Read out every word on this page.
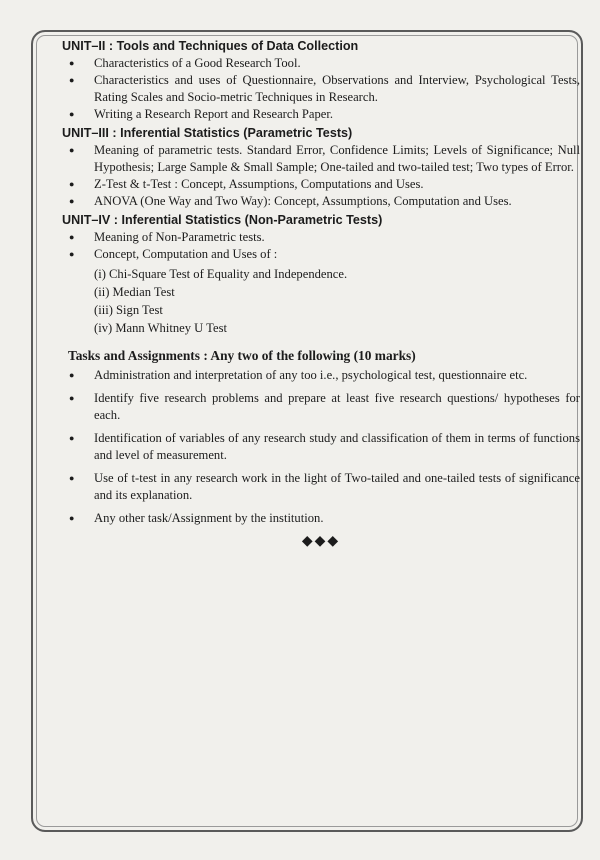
UNIT–II : Tools and Techniques of Data Collection
● Characteristics of a Good Research Tool.
● Characteristics and uses of Questionnaire, Observations and Interview, Psychological Tests, Rating Scales and Socio-metric Techniques in Research.
● Writing a Research Report and Research Paper.
UNIT–III : Inferential Statistics (Parametric Tests)
● Meaning of parametric tests. Standard Error, Confidence Limits; Levels of Significance; Null Hypothesis; Large Sample & Small Sample; One-tailed and two-tailed test; Two types of Error.
● Z-Test & t-Test : Concept, Assumptions, Computations and Uses.
● ANOVA (One Way and Two Way): Concept, Assumptions, Computation and Uses.
UNIT–IV : Inferential Statistics (Non-Parametric Tests)
● Meaning of Non-Parametric tests.
● Concept, Computation and Uses of :
(i) Chi-Square Test of Equality and Independence.
(ii) Median Test
(iii) Sign Test
(iv) Mann Whitney U Test
Tasks and Assignments : Any two of the following (10 marks)
● Administration and interpretation of any too i.e., psychological test, questionnaire etc.
● Identify five research problems and prepare at least five research questions/ hypotheses for each.
● Identification of variables of any research study and classification of them in terms of functions and level of measurement.
● Use of t-test in any research work in the light of Two-tailed and one-tailed tests of significance and its explanation.
● Any other task/Assignment by the institution.
◆◆◆
